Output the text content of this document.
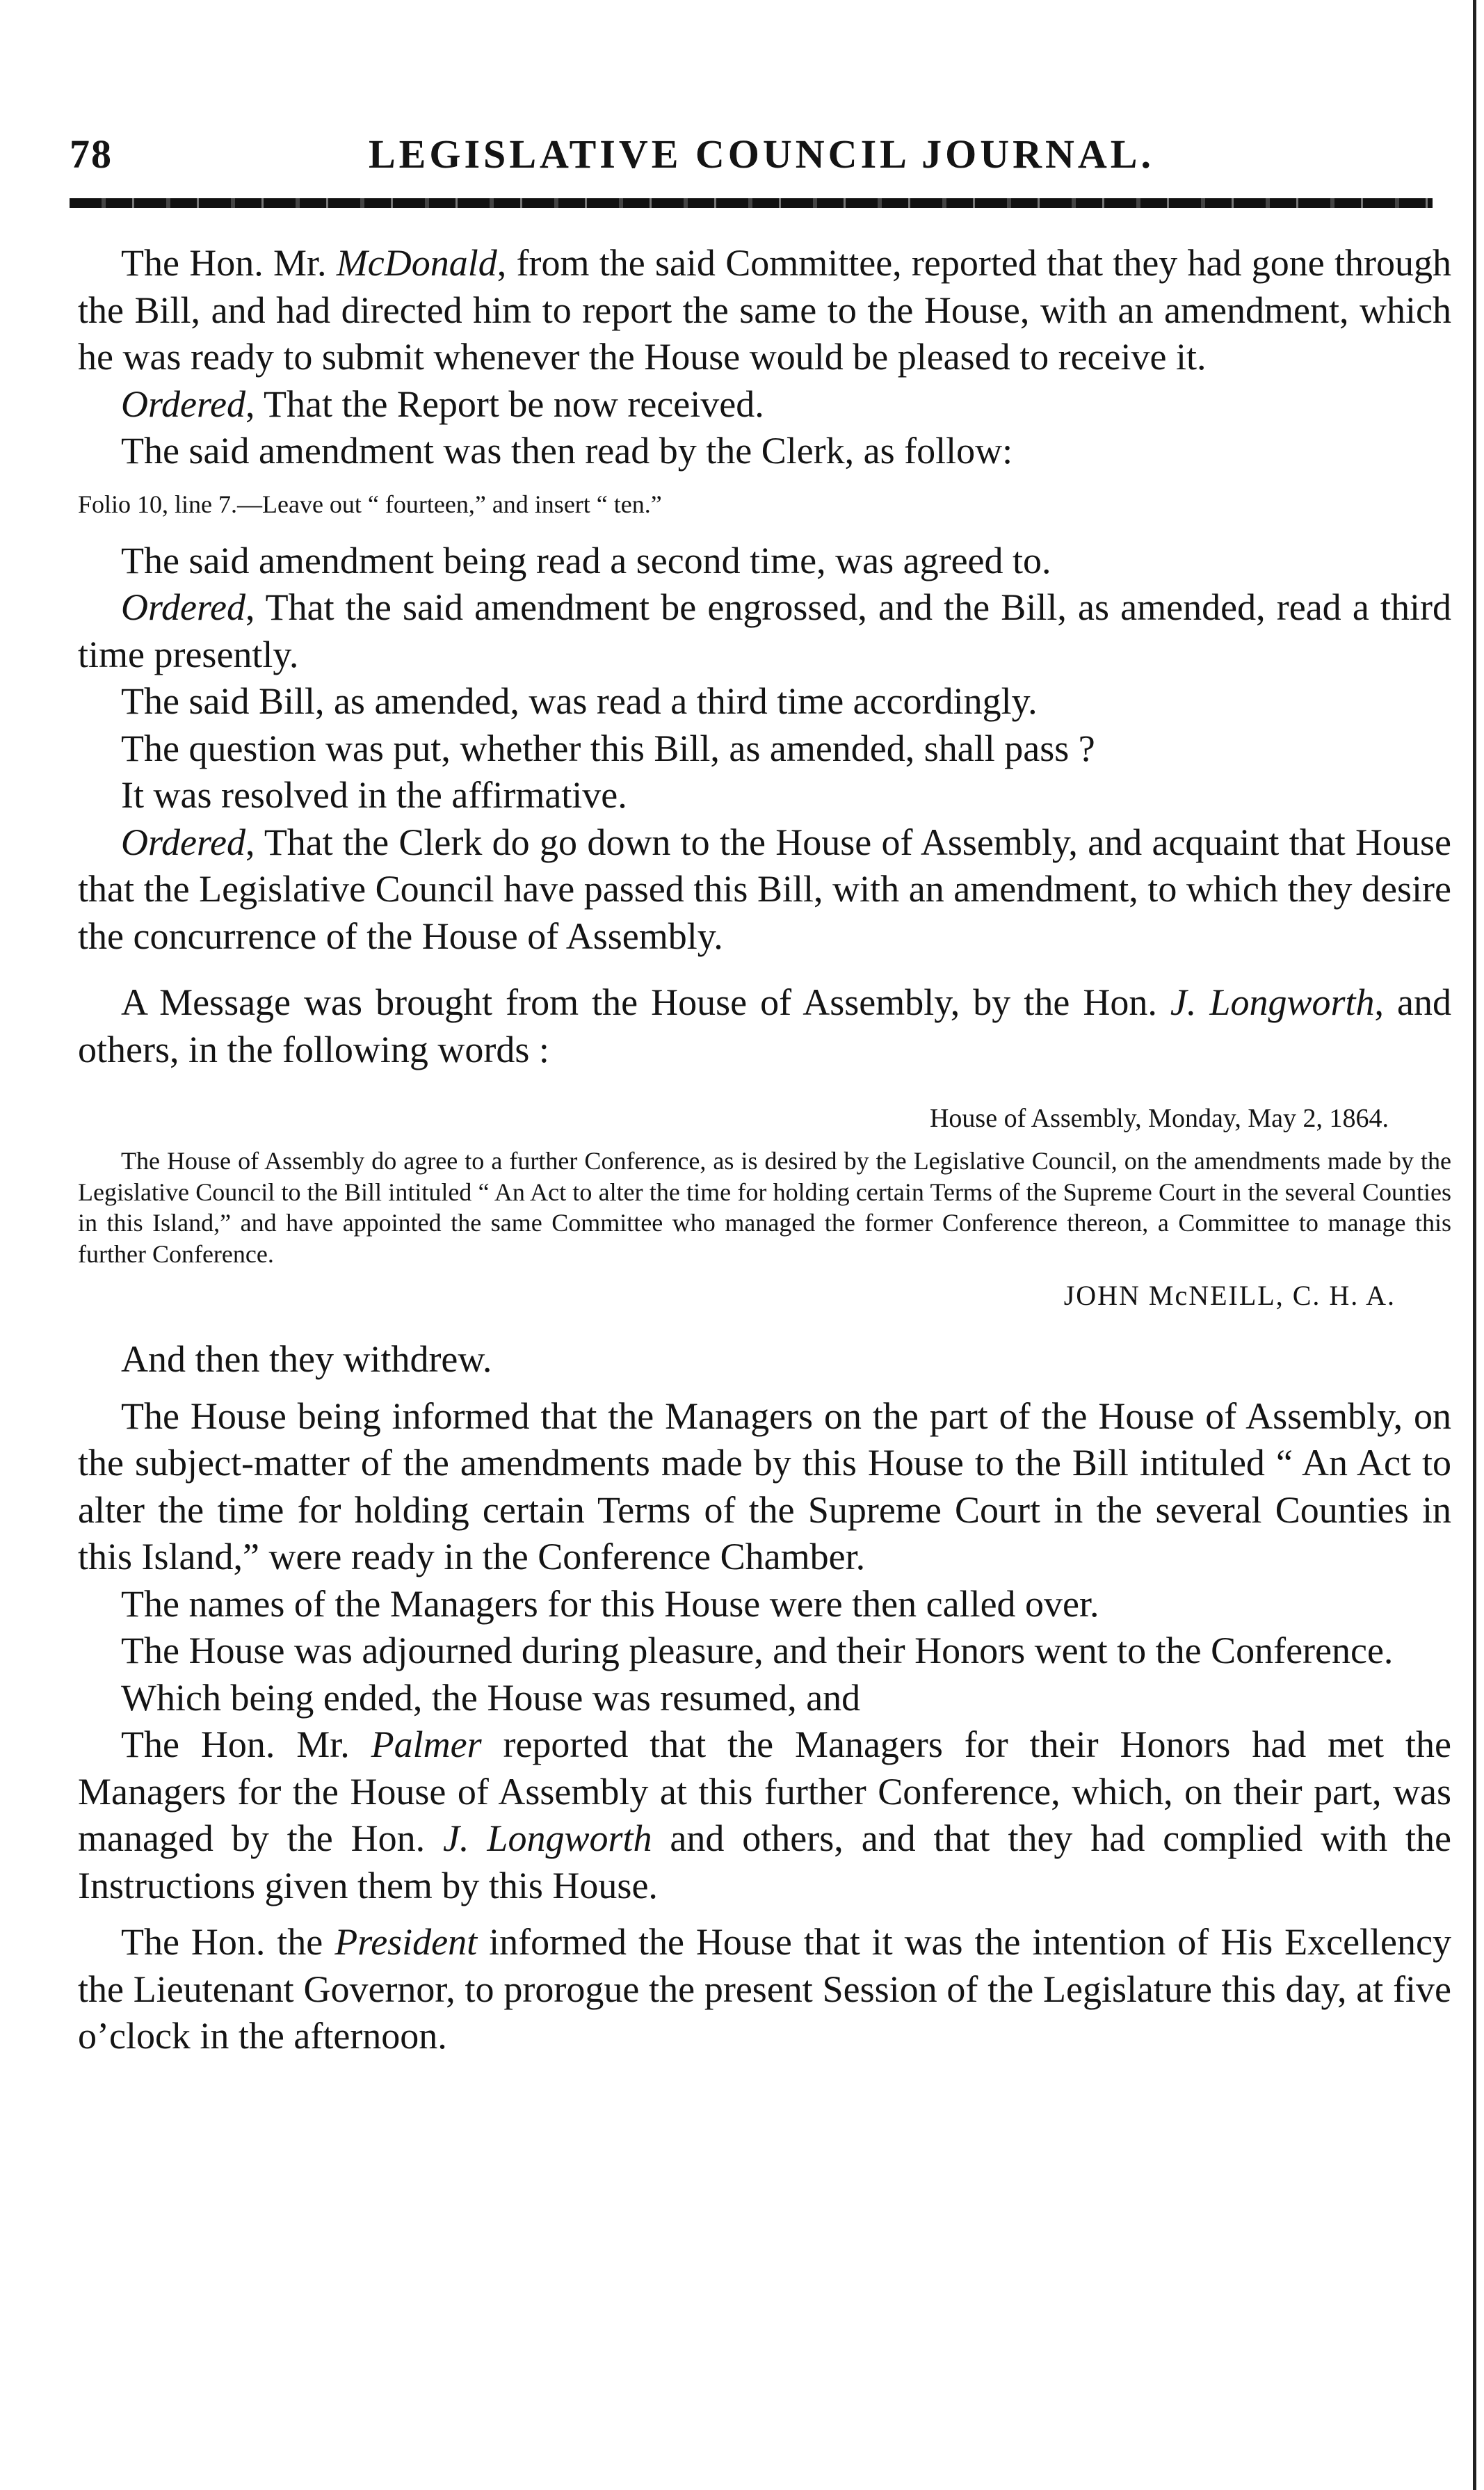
78	LEGISLATIVE COUNCIL JOURNAL.

The Hon. Mr. McDonald, from the said Committee, reported that they had gone through the Bill, and had directed him to report the same to the House, with an amendment, which he was ready to submit whenever the House would be pleased to receive it.

Ordered, That the Report be now received.

The said amendment was then read by the Clerk, as follow:

Folio 10, line 7.—Leave out “ fourteen,” and insert “ ten.”

The said amendment being read a second time, was agreed to.

Ordered, That the said amendment be engrossed, and the Bill, as amended, read a third time presently.

The said Bill, as amended, was read a third time accordingly.

The question was put, whether this Bill, as amended, shall pass ?

It was resolved in the affirmative.

Ordered, That the Clerk do go down to the House of Assembly, and acquaint that House that the Legislative Council have passed this Bill, with an amendment, to which they desire the concurrence of the House of Assembly.

A Message was brought from the House of Assembly, by the Hon. J. Longworth, and others, in the following words :

House of Assembly, Monday, May 2, 1864.

The House of Assembly do agree to a further Conference, as is desired by the Legislative Council, on the amendments made by the Legislative Council to the Bill intituled “ An Act to alter the time for holding certain Terms of the Supreme Court in the several Counties in this Island,” and have appointed the same Committee who managed the former Conference thereon, a Committee to manage this further Conference.

JOHN McNEILL, C. H. A.

And then they withdrew.

The House being informed that the Managers on the part of the House of Assembly, on the subject-matter of the amendments made by this House to the Bill intituled “ An Act to alter the time for holding certain Terms of the Supreme Court in the several Counties in this Island,” were ready in the Conference Chamber.

The names of the Managers for this House were then called over.

The House was adjourned during pleasure, and their Honors went to the Conference.

Which being ended, the House was resumed, and

The Hon. Mr. Palmer reported that the Managers for their Honors had met the Managers for the House of Assembly at this further Conference, which, on their part, was managed by the Hon. J. Longworth and others, and that they had complied with the Instructions given them by this House.

The Hon. the President informed the House that it was the intention of His Excellency the Lieutenant Governor, to prorogue the present Session of the Legislature this day, at five o’clock in the afternoon.
